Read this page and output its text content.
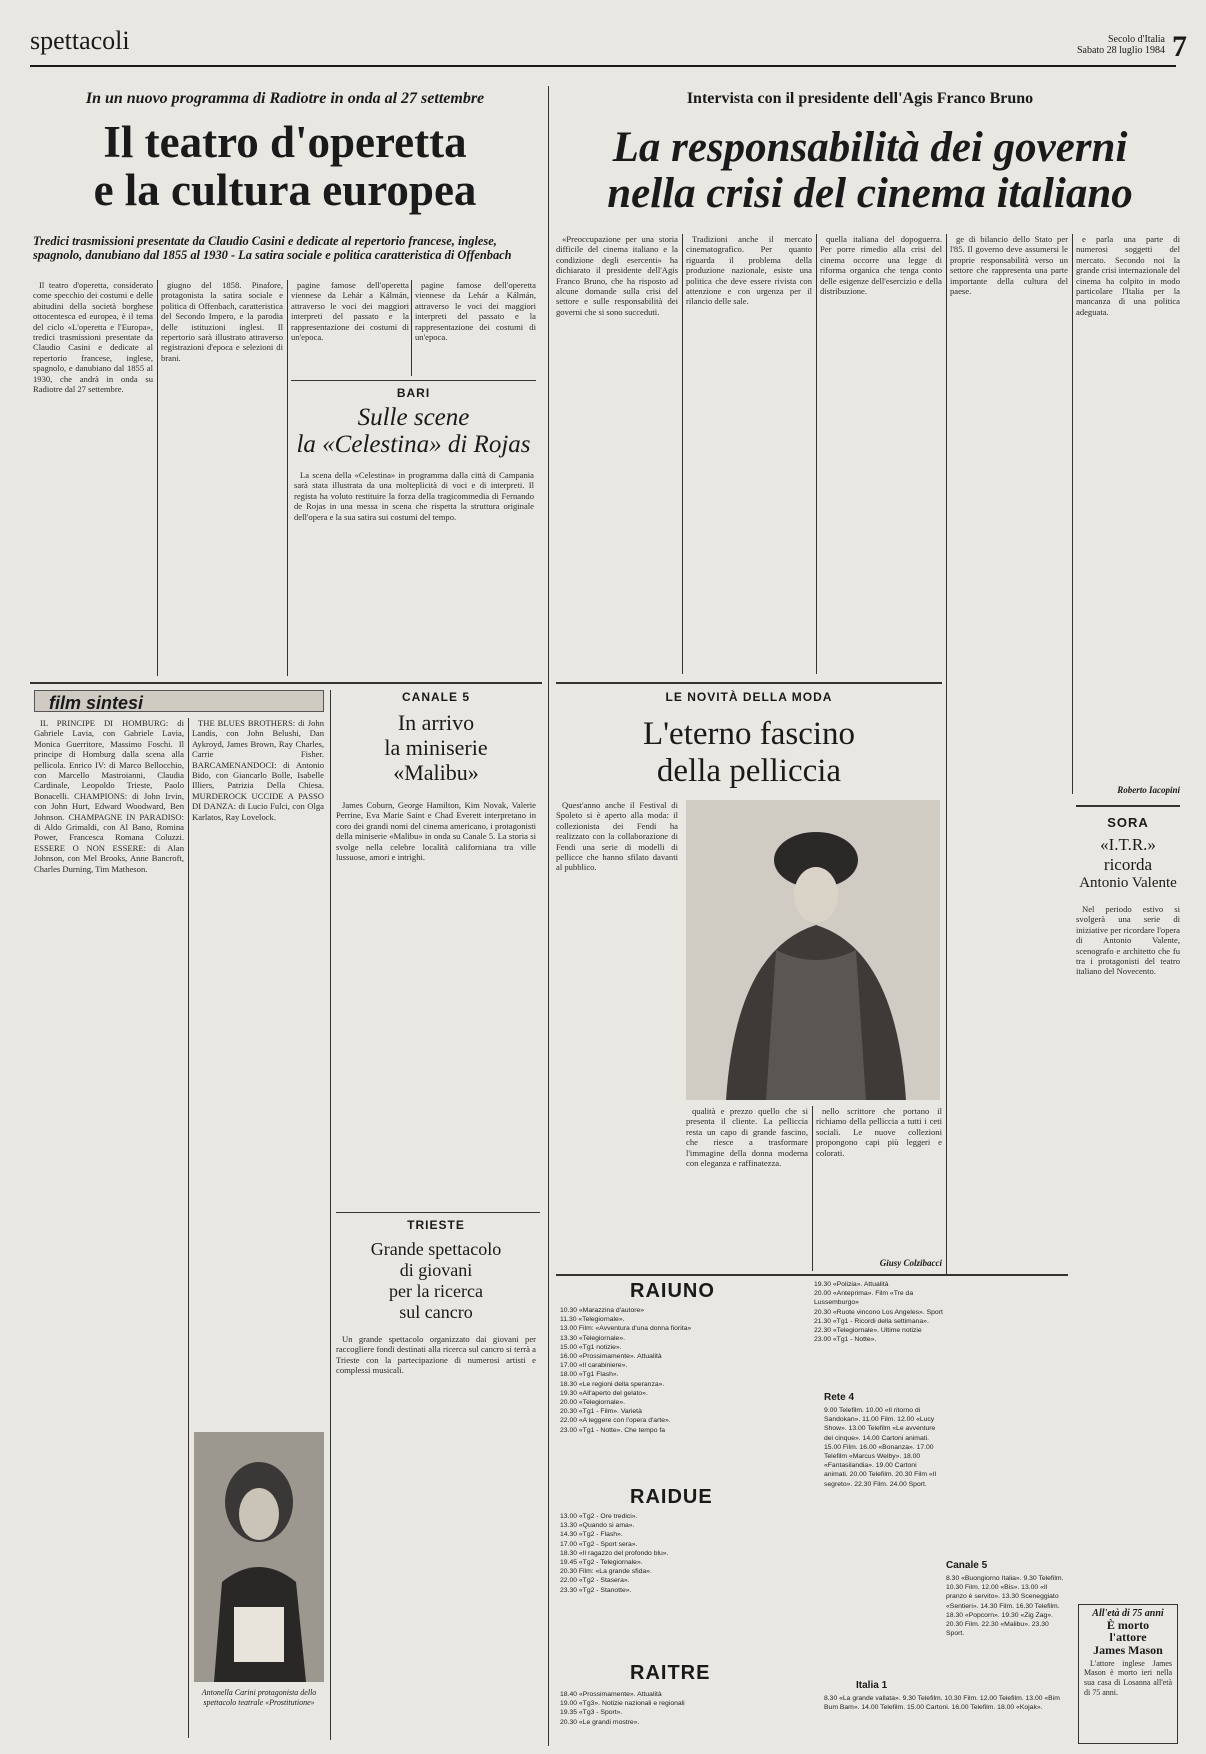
spettacoli	Secolo d'Italia
Sabato 28 luglio 1984 7
In un nuovo programma di Radiotre in onda al 27 settembre
Il teatro d'operetta
e la cultura europea
Tredici trasmissioni presentate da Claudio Casini e dedicate al repertorio francese, inglese, spagnolo, danubiano dal 1855 al 1930 - La satira sociale e politica caratteristica di Offenbach

Il teatro d'operetta, considerato come specchio dei costumi e delle abitudini della società borghese ottocentesca ed europea, è il tema del ciclo «L'operetta e l'Europa», tredici trasmissioni presentate da Claudio Casini e dedicate al repertorio francese, inglese, spagnolo, e danubiano dal 1855 al 1930, che andrà in onda su Radiotre dal 27 settembre.

giugno del 1858. Pinafore, protagonista la satira sociale e politica di Offenbach, caratteristica del Secondo Impero, e la parodia delle istituzioni inglesi. Il repertorio sarà illustrato attraverso registrazioni d'epoca e selezioni di brani.

pagine famose dell'operetta viennese da Lehár a Kálmán, attraverso le voci dei maggiori interpreti del passato e la rappresentazione dei costumi di un'epoca.

BARI
Sulle scene
la «Celestina» di Rojas

La scena della «Celestina» in programma dalla città di Campania sarà stata illustrata da una molteplicità di voci e di interpreti. Il regista ha voluto restituire la forza della tragicommedia di Fernando de Rojas in una messa in scena che rispetta la struttura originale dell'opera e la sua satira sui costumi del tempo.

pagine famose dell'operetta viennese da Lehár a Kálmán, attraverso le voci dei maggiori interpreti del passato e la rappresentazione dei costumi di un'epoca.

Intervista con il presidente dell'Agis Franco Bruno
La responsabilità dei governi
nella crisi del cinema italiano

«Preoccupazione per una storia difficile del cinema italiano e la condizione degli esercenti» ha dichiarato il presidente dell'Agis Franco Bruno, che ha risposto ad alcune domande sulla crisi del settore e sulle responsabilità dei governi che si sono succeduti.

Tradizioni anche il mercato cinematografico. Per quanto riguarda il problema della produzione nazionale, esiste una politica che deve essere rivista con attenzione e con urgenza per il rilancio delle sale.

quella italiana del dopoguerra. Per porre rimedio alla crisi del cinema occorre una legge di riforma organica che tenga conto delle esigenze dell'esercizio e della distribuzione.

ge di bilancio dello Stato per l'85. Il governo deve assumersi le proprie responsabilità verso un settore che rappresenta una parte importante della cultura del paese.

e parla una parte di numerosi soggetti del mercato. Secondo noi la grande crisi internazionale del cinema ha colpito in modo particolare l'Italia per la mancanza di una politica adeguata.

Roberto Iacopini
film sintesi

IL PRINCIPE DI HOMBURG: di Gabriele Lavia, con Gabriele Lavia, Monica Guerritore, Massimo Foschi. Il principe di Homburg dalla scena alla pellicola. Enrico IV: di Marco Bellocchio, con Marcello Mastroianni, Claudia Cardinale, Leopoldo Trieste, Paolo Bonacelli. CHAMPIONS: di John Irvin, con John Hurt, Edward Woodward, Ben Johnson. CHAMPAGNE IN PARADISO: di Aldo Grimaldi, con Al Bano, Romina Power, Francesca Romana Coluzzi. ESSERE O NON ESSERE: di Alan Johnson, con Mel Brooks, Anne Bancroft, Charles Durning, Tim Matheson.

THE BLUES BROTHERS: di John Landis, con John Belushi, Dan Aykroyd, James Brown, Ray Charles, Carrie Fisher. BARCAMENANDOCI: di Antonio Bido, con Giancarlo Bolle, Isabelle Illiers, Patrizia Della Chiesa. MURDEROCK UCCIDE A PASSO DI DANZA: di Lucio Fulci, con Olga Karlatos, Ray Lovelock.

Antonella Carini protagonista dello spettacolo teatrale «Prostitutione»
CANALE 5
In arrivo
la miniserie
«Malibu»

James Coburn, George Hamilton, Kim Novak, Valerie Perrine, Eva Marie Saint e Chad Everett interpretano in coro dei grandi nomi del cinema americano, i protagonisti della miniserie «Malibu» in onda su Canale 5. La storia si svolge nella celebre località californiana tra ville lussuose, amori e intrighi.

TRIESTE
Grande spettacolo
di giovani
per la ricerca
sul cancro

Un grande spettacolo organizzato dai giovani per raccogliere fondi destinati alla ricerca sul cancro si terrà a Trieste con la partecipazione di numerosi artisti e complessi musicali.

LE NOVITÀ DELLA MODA
L'eterno fascino
della pelliccia

Quest'anno anche il Festival di Spoleto si è aperto alla moda: il collezionista dei Fendi ha realizzato con la collaborazione di Fendi una serie di modelli di pellicce che hanno sfilato davanti al pubblico.

qualità e prezzo quello che si presenta il cliente. La pelliccia resta un capo di grande fascino, che riesce a trasformare l'immagine della donna moderna con eleganza e raffinatezza.

nello scrittore che portano il richiamo della pelliccia a tutti i ceti sociali. Le nuove collezioni propongono capi più leggeri e colorati.

Giusy Colzibacci
SORA
«I.T.R.»
ricorda
Antonio Valente

Nel periodo estivo si svolgerà una serie di iniziative per ricordare l'opera di Antonio Valente, scenografo e architetto che fu tra i protagonisti del teatro italiano del Novecento.

All'età di 75 anni
È morto
l'attore
James Mason

L'attore inglese James Mason è morto ieri nella sua casa di Losanna all'età di 75 anni.

RAIUNO
10.30 «Marazzina d'autore»
11.30 «Telegiornale».
13.00 Film: «Avventura d'una donna fiorita»
13.30 «Telegiornale».
15.00 «Tg1 notizie».
16.00 «Prossimamente». Attualità
17.00 «Il carabiniere».
18.00 «Tg1 Flash».
18.30 «Le regioni della speranza».
19.30 «All'aperto del gelato».
20.00 «Telegiornale».
20.30 «Tg1 - Film». Varietà
22.00 «A leggere con l'opera d'arte».
23.00 «Tg1 - Notte». Che tempo fa
19.30 «Polizia». Attualità
20.00 «Anteprima». Film «Tre da Lussemburgo»
20.30 «Ruote vincono Los Angeles». Sport
21.30 «Tg1 - Ricordi della settimana».
22.30 «Telegiornale». Ultime notizie
23.00 «Tg1 - Notte».
RAIDUE
13.00 «Tg2 - Ore tredici».
13.30 «Quando si ama».
14.30 «Tg2 - Flash».
17.00 «Tg2 - Sport sera».
18.30 «Il ragazzo del profondo blu».
19.45 «Tg2 - Telegiornale».
20.30 Film: «La grande sfida».
22.00 «Tg2 - Stasera».
23.30 «Tg2 - Stanotte».
RAITRE
18.40 «Prossimamente». Attualità
19.00 «Tg3». Notizie nazionali e regionali
19.35 «Tg3 - Sport».
20.30 «Le grandi mostre».
Rete 4
9.00 Telefilm. 10.00 «Il ritorno di Sandokan». 11.00 Film. 12.00 «Lucy Show». 13.00 Telefilm «Le avventure dei cinque». 14.00 Cartoni animati. 15.00 Film. 16.00 «Bonanza». 17.00 Telefilm «Marcus Welby». 18.00 «Fantasilandia». 19.00 Cartoni animati. 20.00 Telefilm. 20.30 Film «Il segreto». 22.30 Film. 24.00 Sport.
Canale 5
8.30 «Buongiorno Italia». 9.30 Telefilm. 10.30 Film. 12.00 «Bis». 13.00 «Il pranzo è servito». 13.30 Sceneggiato «Sentieri». 14.30 Film. 16.30 Telefilm. 18.30 «Popcorn». 19.30 «Zig Zag». 20.30 Film. 22.30 «Malibu». 23.30 Sport.
Italia 1
8.30 «La grande vallata». 9.30 Telefilm. 10.30 Film. 12.00 Telefilm. 13.00 «Bim Bum Bam». 14.00 Telefilm. 15.00 Cartoni. 16.00 Telefilm. 18.00 «Kojak».
